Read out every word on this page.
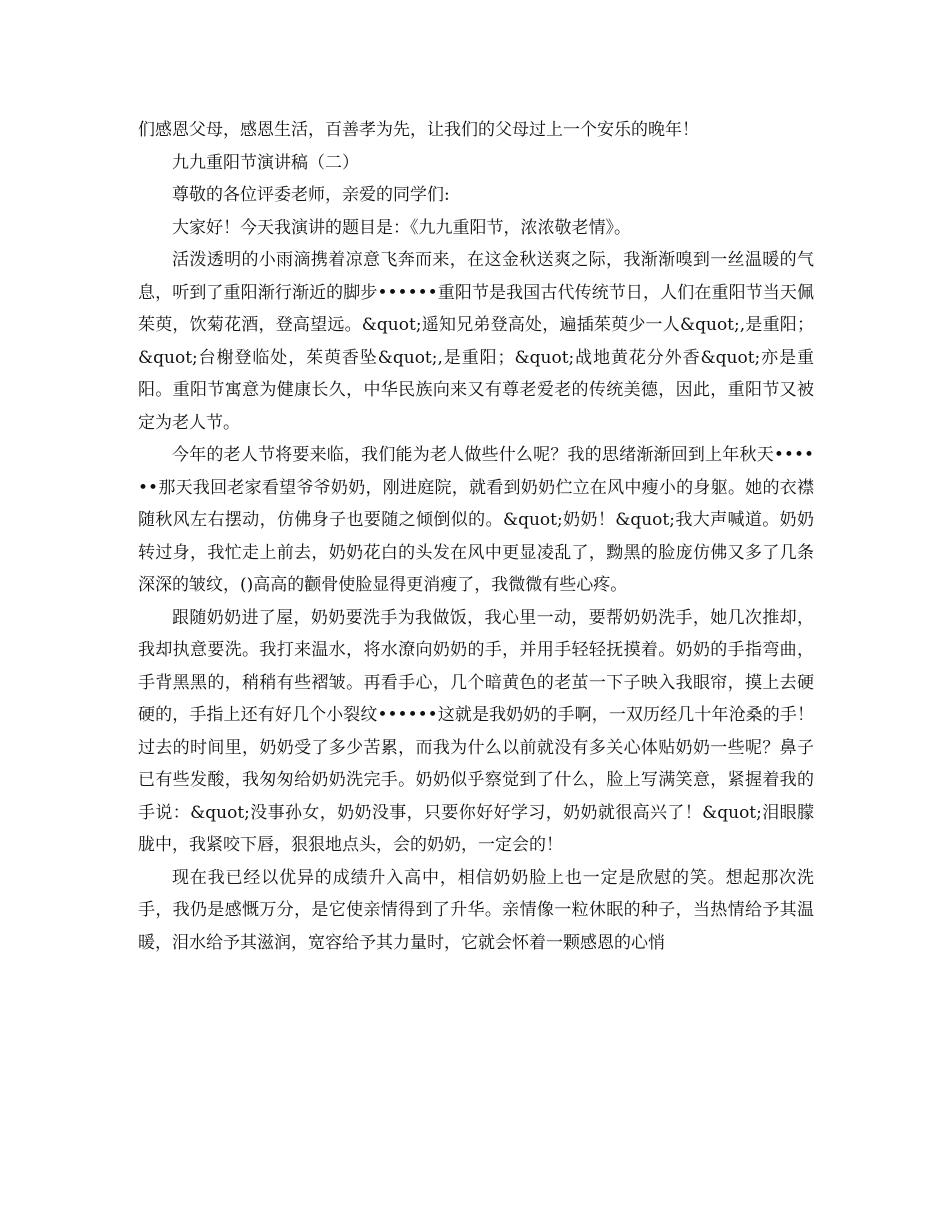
们感恩父母，感恩生活，百善孝为先，让我们的父母过上一个安乐的晚年！

九九重阳节演讲稿（二）

尊敬的各位评委老师，亲爱的同学们:

大家好！今天我演讲的题目是：《九九重阳节，浓浓敬老情》。

活泼透明的小雨滴携着凉意飞奔而来，在这金秋送爽之际，我渐渐嗅到一丝温暖的气息，听到了重阳渐行渐近的脚步••••••重阳节是我国古代传统节日，人们在重阳节当天佩茱萸，饮菊花酒，登高望远。&quot;遥知兄弟登高处，遍插茱萸少一人&quot;,是重阳；&quot;台榭登临处，茱萸香坠&quot;,是重阳；&quot;战地黄花分外香&quot;亦是重阳。重阳节寓意为健康长久，中华民族向来又有尊老爱老的传统美德，因此，重阳节又被定为老人节。

今年的老人节将要来临，我们能为老人做些什么呢？我的思绪渐渐回到上年秋天••••••那天我回老家看望爷爷奶奶，刚进庭院，就看到奶奶伫立在风中瘦小的身躯。她的衣襟随秋风左右摆动，仿佛身子也要随之倾倒似的。&quot;奶奶！&quot;我大声喊道。奶奶转过身，我忙走上前去，奶奶花白的头发在风中更显凌乱了，黝黑的脸庞仿佛又多了几条深深的皱纹，()高高的颧骨使脸显得更消瘦了，我微微有些心疼。

跟随奶奶进了屋，奶奶要洗手为我做饭，我心里一动，要帮奶奶洗手，她几次推却，我却执意要洗。我打来温水，将水潦向奶奶的手，并用手轻轻抚摸着。奶奶的手指弯曲，手背黑黑的，稍稍有些褶皱。再看手心，几个暗黄色的老茧一下子映入我眼帘，摸上去硬硬的，手指上还有好几个小裂纹••••••这就是我奶奶的手啊，一双历经几十年沧桑的手！过去的时间里，奶奶受了多少苦累，而我为什么以前就没有多关心体贴奶奶一些呢？鼻子已有些发酸，我匆匆给奶奶洗完手。奶奶似乎察觉到了什么，脸上写满笑意，紧握着我的手说：&quot;没事孙女，奶奶没事，只要你好好学习，奶奶就很高兴了！&quot;泪眼朦胧中，我紧咬下唇，狠狠地点头，会的奶奶，一定会的！

现在我已经以优异的成绩升入高中，相信奶奶脸上也一定是欣慰的笑。想起那次洗手，我仍是感慨万分，是它使亲情得到了升华。亲情像一粒休眠的种子，当热情给予其温暖，泪水给予其滋润，宽容给予其力量时，它就会怀着一颗感恩的心悄
